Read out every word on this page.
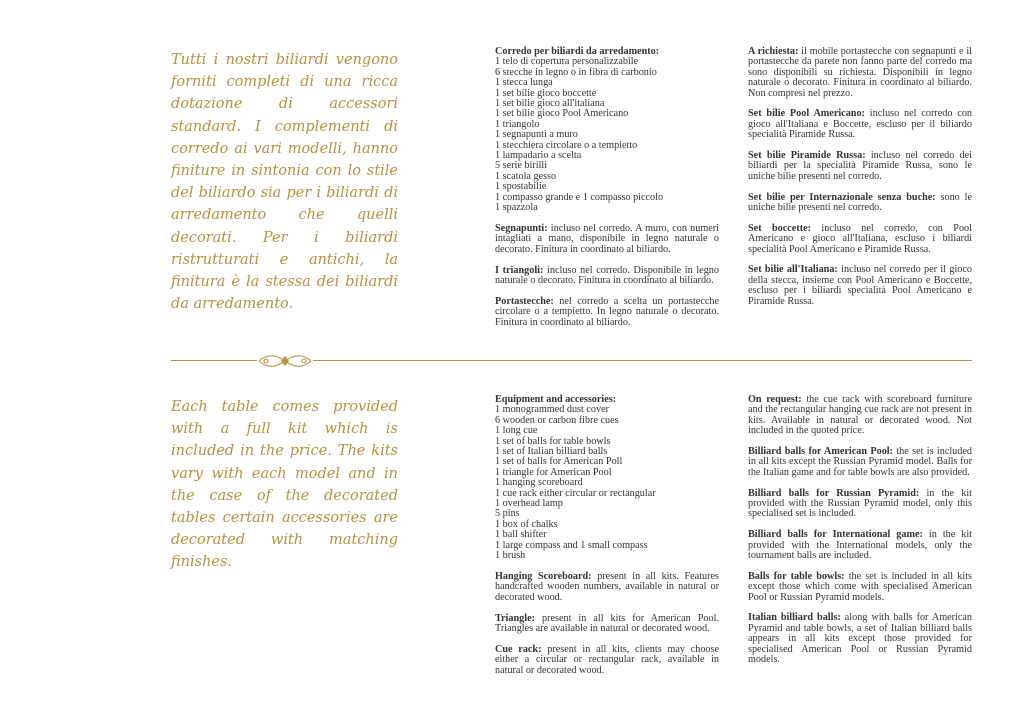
Tutti i nostri biliardi vengono forniti completi di una ricca dotazione di accessori standard. I complementi di corredo ai vari modelli, hanno finiture in sintonia con lo stile del biliardo sia per i biliardi di arredamento che quelli decorati. Per i biliardi ristrutturati e antichi, la finitura è la stessa dei biliardi da arredamento.
Corredo per biliardi da arredamento:
1 telo di copertura personalizzabile
6 stecche in legno o in fibra di carbonio
1 stecca lunga
1 set bilie gioco boccette
1 set bilie gioco all'italiana
1 set bilie gioco Pool Americano
1 triangolo
1 segnapunti a muro
1 stecchiera circolare o a tempietto
1 lampadario a scelta
5 serie birilli
1 scatola gesso
1 spostabilie
1 compasso grande e 1 compasso piccolo
1 spazzola

Segnapunti: incluso nel corredo. A muro, con numeri intagliati a mano, disponibile in legno naturale o decorato. Finitura in coordinato al biliardo.

I triangoli: incluso nel corredo. Disponibile in legno naturale o decorato. Finitura in coordinato al biliardo.

Portastecche: nel corredo a scelta un portastecche circolare o a tempietto. In legno naturale o decorato. Finitura in coordinato al biliardo.

A richiesta: il mobile portastecche con segnapunti e il portastecche da parete non fanno parte del corredo ma sono disponibili su richiesta. Disponibili in legno naturale o decorato. Finitura in coordinato al biliardo. Non compresi nel prezzo.

Set bilie Pool Americano: incluso nel corredo con gioco all'Italiana e Boccette, escluso per il biliardo specialità Piramide Russa.

Set bilie Piramide Russa: incluso nel corredo dei biliardi per la specialità Piramide Russa, sono le uniche bilie presenti nel corredo.

Set bilie per Internazionale senza buche: sono le uniche bilie presenti nel corredo.

Set boccette: incluso nel corredo, con Pool Americano e gioco all'Italiana, escluso i biliardi specialità Pool Americano e Piramide Russa.

Set bilie all'Italiana: incluso nel corredo per il gioco della stecca, insieme con Pool Americano e Boccette, escluso per i biliardi specialità Pool Americano e Piramide Russa.

Each table comes provided with a full kit which is included in the price. The kits vary with each model and in the case of the decorated tables certain accessories are decorated with matching finishes.
Equipment and accessories:
1 monogrammed dust cover
6 wooden or carbon fibre cues
1 long cue
1 set of balls for table bowls
1 set of Italian billiard balls
1 set of balls for American Poll
1 triangle for American Pool
1 hanging scoreboard
1 cue rack either circular or rectangular
1 overhead lamp
5 pins
1 box of chalks
1 ball shifter
1 large compass and 1 small compass
1 brush

Hanging Scoreboard: present in all kits. Features handcrafted wooden numbers, available in natural or decorated wood.

Triangle: present in all kits for American Pool. Triangles are available in natural or decorated wood.

Cue rack: present in all kits, clients may choose either a circular or rectangular rack, available in natural or decorated wood.

On request: the cue rack with scoreboard furniture and the rectangular hanging cue rack are not present in kits. Available in natural or decorated wood. Not included in the quoted price.

Billiard balls for American Pool: the set is included in all kits except the Russian Pyramid model. Balls for the Italian game and for table bowls are also provided.

Billiard balls for Russian Pyramid: in the kit provided with the Russian Pyramid model, only this specialised set is included.

Billiard balls for International game: in the kit provided with the International models, only the tournament balls are included.

Balls for table bowls: the set is included in all kits except those which come with specialised American Pool or Russian Pyramid models.

Italian billiard balls: along with balls for American Pyramid and table bowls, a set of Italian billiard balls appears in all kits except those provided for specialised American Pool or Russian Pyramid models.
